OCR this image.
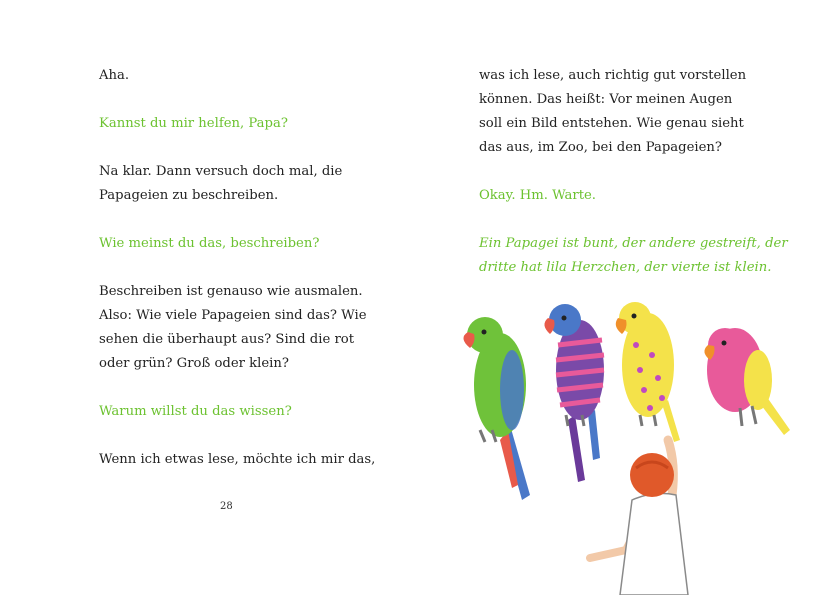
Aha.

Kannst du mir helfen, Papa?

Na klar. Dann versuch doch mal, die
Papageien zu beschreiben.

Wie meinst du das, beschreiben?

Beschreiben ist genauso wie ausmalen.
Also: Wie viele Papageien sind das? Wie
sehen die überhaupt aus? Sind die rot
oder grün? Groß oder klein?

Warum willst du das wissen?

Wenn ich etwas lese, möchte ich mir das,

28

was ich lese, auch richtig gut vorstellen
können. Das heißt: Vor meinen Augen
soll ein Bild entstehen. Wie genau sieht
das aus, im Zoo, bei den Papageien?

Okay. Hm. Warte.

Ein Papagei ist bunt, der andere gestreift, der
dritte hat lila Herzchen, der vierte ist klein.
